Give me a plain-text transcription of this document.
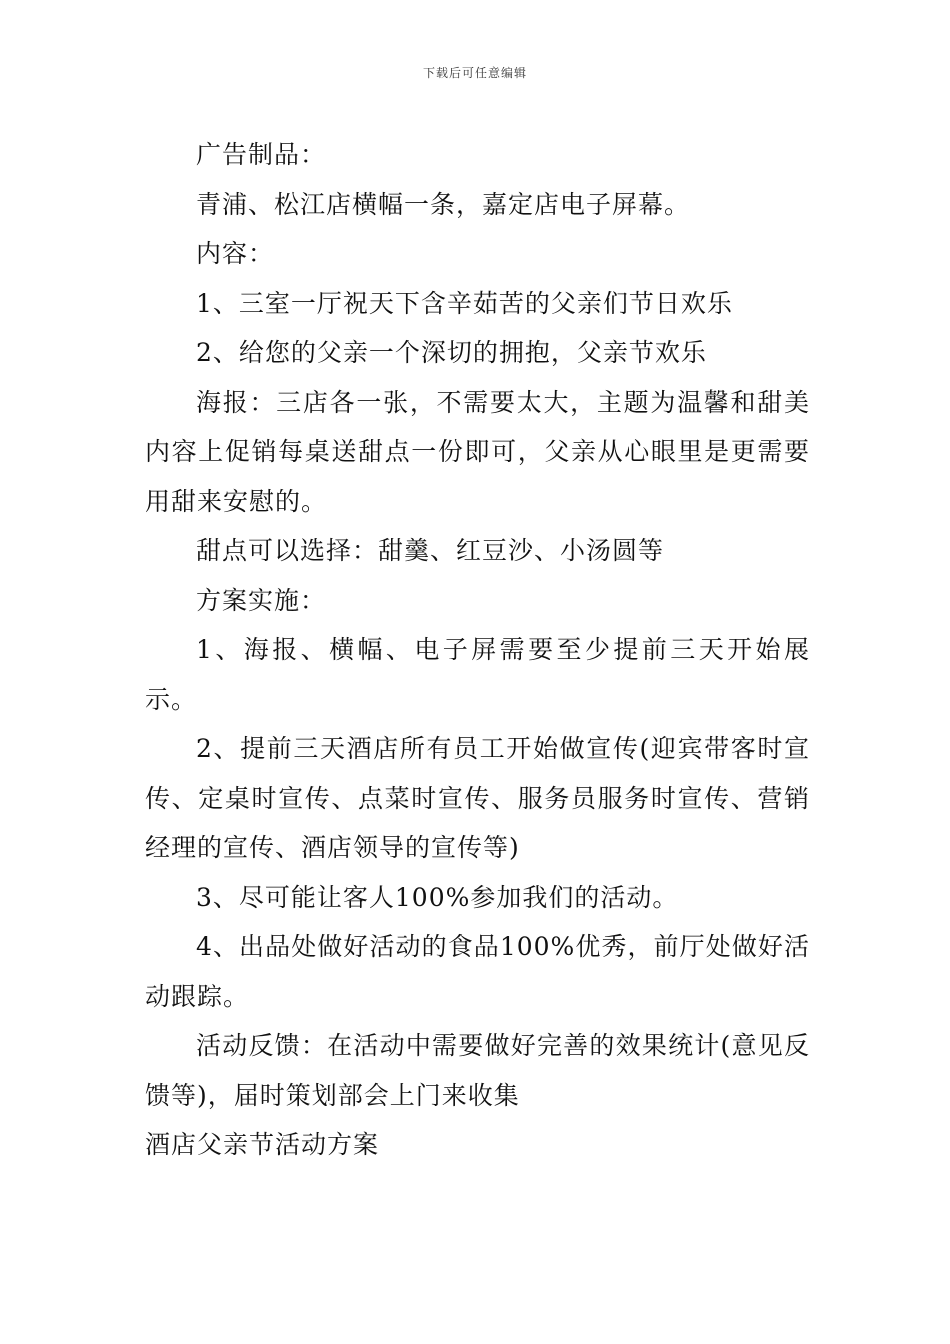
下载后可任意编辑

广告制品：

青浦、松江店横幅一条，嘉定店电子屏幕。

内容：

1、三室一厅祝天下含辛茹苦的父亲们节日欢乐

2、给您的父亲一个深切的拥抱，父亲节欢乐

海报：三店各一张，不需要太大，主题为温馨和甜美内容上促销每桌送甜点一份即可，父亲从心眼里是更需要用甜来安慰的。

甜点可以选择：甜羹、红豆沙、小汤圆等

方案实施：

1、海报、横幅、电子屏需要至少提前三天开始展示。

2、提前三天酒店所有员工开始做宣传(迎宾带客时宣传、定桌时宣传、点菜时宣传、服务员服务时宣传、营销经理的宣传、酒店领导的宣传等)

3、尽可能让客人100%参加我们的活动。

4、出品处做好活动的食品100%优秀，前厅处做好活动跟踪。

活动反馈：在活动中需要做好完善的效果统计(意见反馈等)，届时策划部会上门来收集

酒店父亲节活动方案
